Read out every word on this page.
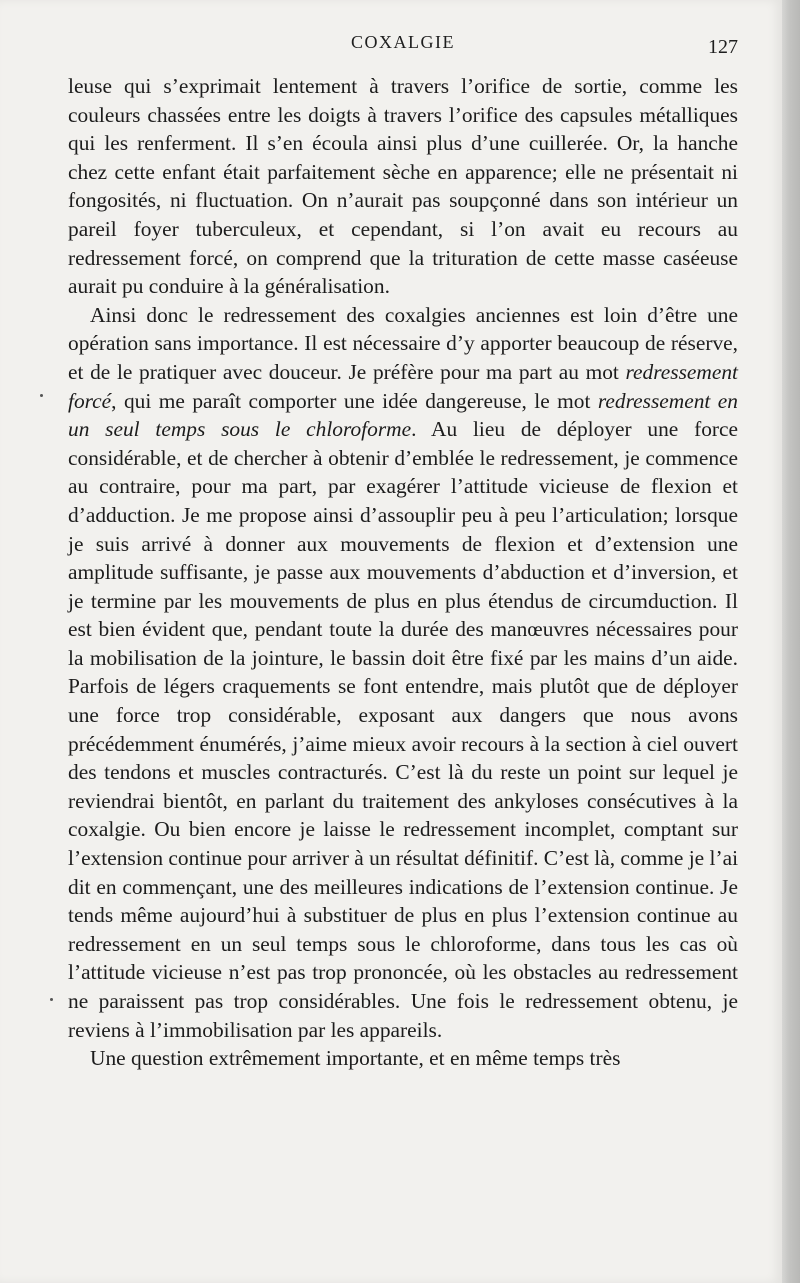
COXALGIE	127

leuse qui s’exprimait lentement à travers l’orifice de sortie, comme les couleurs chassées entre les doigts à travers l’orifice des capsules métalliques qui les renferment. Il s’en écoula ainsi plus d’une cuillerée. Or, la hanche chez cette enfant était parfaitement sèche en apparence; elle ne présentait ni fongosités, ni fluctuation. On n’aurait pas soupçonné dans son intérieur un pareil foyer tuberculeux, et cependant, si l’on avait eu recours au redressement forcé, on comprend que la trituration de cette masse caséeuse aurait pu conduire à la généralisation.

Ainsi donc le redressement des coxalgies anciennes est loin d’être une opération sans importance. Il est nécessaire d’y apporter beaucoup de réserve, et de le pratiquer avec douceur. Je préfère pour ma part au mot redressement forcé, qui me paraît comporter une idée dangereuse, le mot redressement en un seul temps sous le chloroforme. Au lieu de déployer une force considérable, et de chercher à obtenir d’emblée le redressement, je commence au contraire, pour ma part, par exagérer l’attitude vicieuse de flexion et d’adduction. Je me propose ainsi d’assouplir peu à peu l’articulation; lorsque je suis arrivé à donner aux mouvements de flexion et d’extension une amplitude suffisante, je passe aux mouvements d’abduction et d’inversion, et je termine par les mouvements de plus en plus étendus de circumduction. Il est bien évident que, pendant toute la durée des manœuvres nécessaires pour la mobilisation de la jointure, le bassin doit être fixé par les mains d’un aide. Parfois de légers craquements se font entendre, mais plutôt que de déployer une force trop considérable, exposant aux dangers que nous avons précédemment énumérés, j’aime mieux avoir recours à la section à ciel ouvert des tendons et muscles contracturés. C’est là du reste un point sur lequel je reviendrai bientôt, en parlant du traitement des ankyloses consécutives à la coxalgie. Ou bien encore je laisse le redressement incomplet, comptant sur l’extension continue pour arriver à un résultat définitif. C’est là, comme je l’ai dit en commençant, une des meilleures indications de l’extension continue. Je tends même aujourd’hui à substituer de plus en plus l’extension continue au redressement en un seul temps sous le chloroforme, dans tous les cas où l’attitude vicieuse n’est pas trop prononcée, où les obstacles au redressement ne paraissent pas trop considérables. Une fois le redressement obtenu, je reviens à l’immobilisation par les appareils.

Une question extrêmement importante, et en même temps très
